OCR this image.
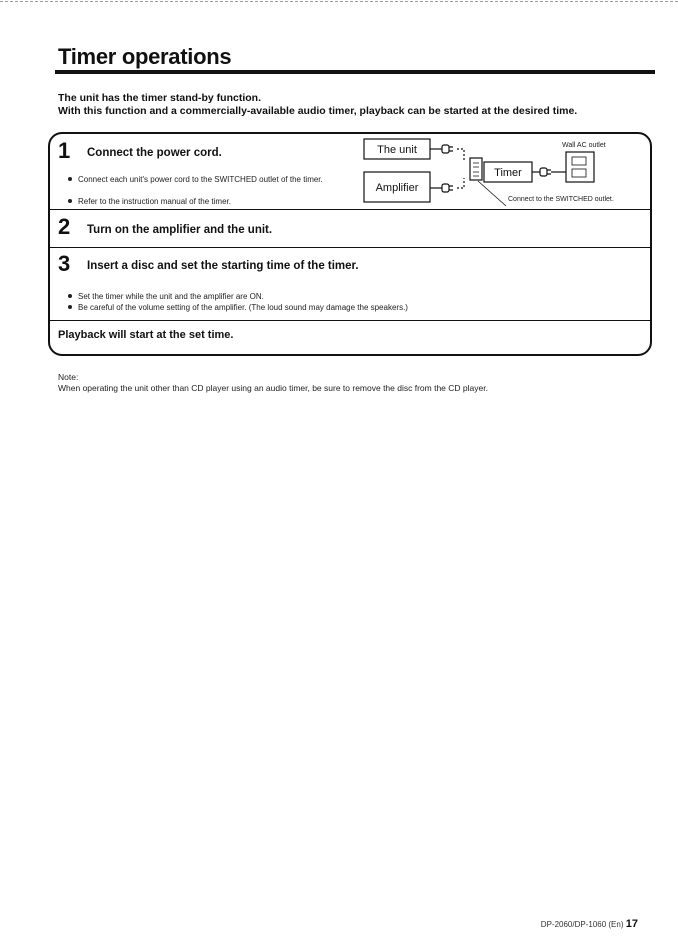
Timer operations
The unit has the timer stand-by function.
With this function and a commercially-available audio timer, playback can be started at the desired time.
1 Connect the power cord.
Connect each unit's power cord to the SWITCHED outlet of the timer.
Refer to the instruction manual of the timer.
2 Turn on the amplifier and the unit.
3 Insert a disc and set the starting time of the timer.
Set the timer while the unit and the amplifier are ON.
Be careful of the volume setting of the amplifier. (The loud sound may damage the speakers.)
Playback will start at the set time.
The unit
Amplifier
Timer
Wall AC outlet
Connect to the SWITCHED outlet.
Note:
When operating the unit other than CD player using an audio timer, be sure to remove the disc from the CD player.
DP-2060/DP-1060 (En) 17
